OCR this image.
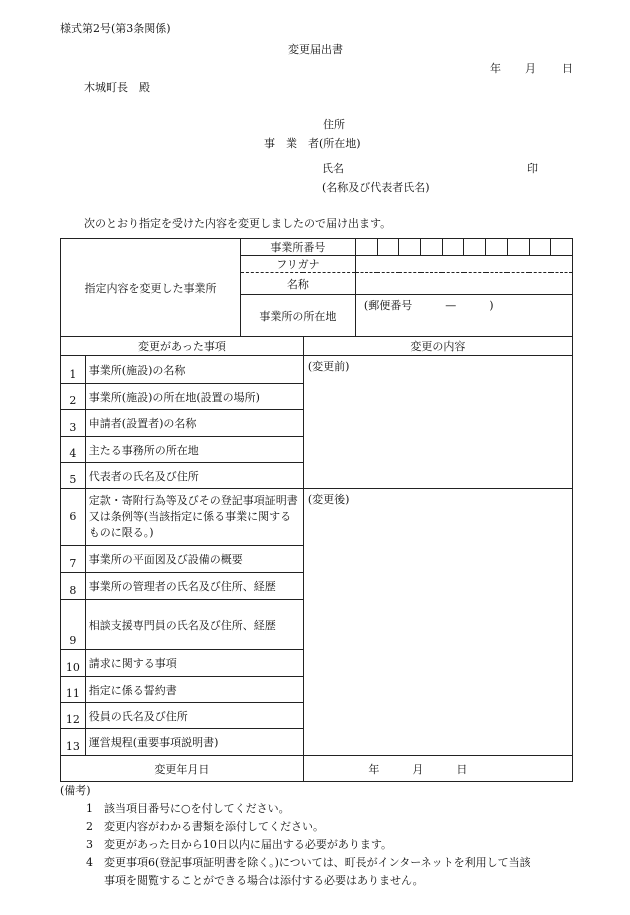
様式第2号(第3条関係)
変更届出書
年 月 日
木城町長　殿
住所
事　業　者(所在地)
氏名	印
(名称及び代表者氏名)
次のとおり指定を受けた内容を変更しましたので届け出ます。
指定内容を変更した事業所		事業所番号											
		フリガナ											
		名称											
		事業所の所在地		(郵便番号　　　—　　　)									
変更があった事項			変更の内容										
1	事業所(施設)の名称		(変更前)										
2	事業所(施設)の所在地(設置の場所)												
3	申請者(設置者)の名称												
4	主たる事務所の所在地												
5	代表者の氏名及び住所												
6	定款・寄附行為等及びその登記事項証明書又は条例等(当該指定に係る事業に関するものに限る。)		(変更後)										
7	事業所の平面図及び設備の概要												
8	事業所の管理者の氏名及び住所、経歴												
9	相談支援専門員の氏名及び住所、経歴												
10	請求に関する事項												
11	指定に係る誓約書												
12	役員の氏名及び住所												
13	運営規程(重要事項説明書)												
変更年月日			年　　　月　　　日										
(備考)
1　該当項目番号に○を付してください。
2　変更内容がわかる書類を添付してください。
3　変更があった日から10日以内に届出する必要があります。
4　変更事項6(登記事項証明書を除く。)については、町長がインターネットを利用して当該
事項を閲覧することができる場合は添付する必要はありません。
